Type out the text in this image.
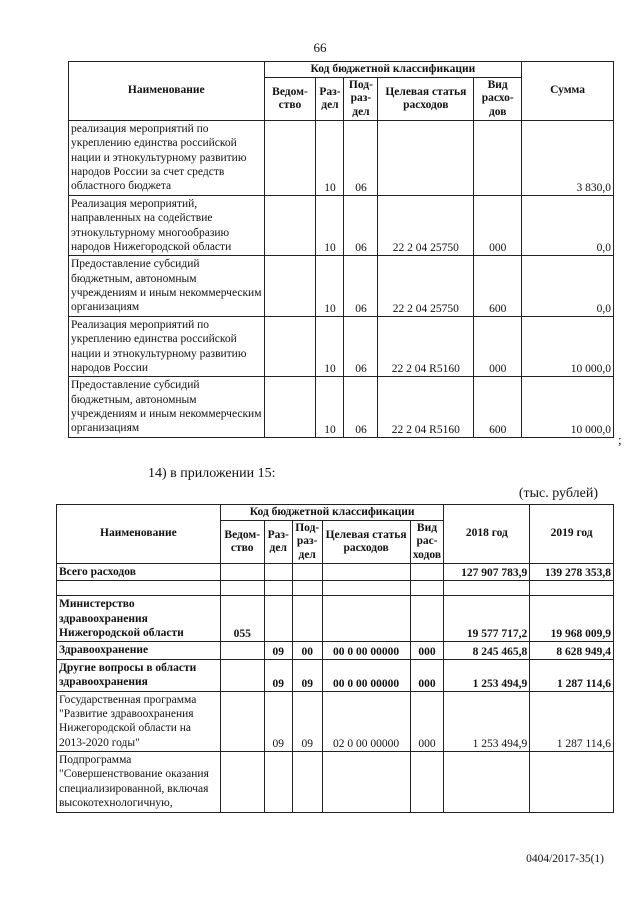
66
Наименование	Код бюджетной классификации					Сумма
	Ведом-ство	Раз-дел	Под-раз-дел	Целевая статья расходов	Вид расхо-дов	
реализация мероприятий по укреплению единства российской нации и этнокультурному развитию народов России за счет средств областного бюджета		10	06			3 830,0
Реализация мероприятий, направленных на содействие этнокультурному многообразию народов Нижегородской области		10	06	22 2 04 25750	000	0,0
Предоставление субсидий бюджетным, автономным учреждениям и иным некоммерческим организациям		10	06	22 2 04 25750	600	0,0
Реализация мероприятий по укреплению единства российской нации и этнокультурному развитию народов России		10	06	22 2 04 R5160	000	10 000,0
Предоставление субсидий бюджетным, автономным учреждениям и иным некоммерческим организациям		10	06	22 2 04 R5160	600	10 000,0
;
14) в приложении 15:
(тыс. рублей)
Наименование	Код бюджетной классификации					2018 год	2019 год
	Ведом-ство	Раз-дел	Под-раз-дел	Целевая статья расходов	Вид рас-ходов		
Всего расходов						127 907 783,9	139 278 353,8

Министерство здравоохранения Нижегородской области	055					19 577 717,2	19 968 009,9
Здравоохранение		09	00	00 0 00 00000	000	8 245 465,8	8 628 949,4
Другие вопросы в области здравоохранения		09	09	00 0 00 00000	000	1 253 494,9	1 287 114,6
Государственная программа "Развитие здравоохранения Нижегородской области на 2013-2020 годы"		09	09	02 0 00 00000	000	1 253 494,9	1 287 114,6
Подпрограмма "Совершенствование оказания специализированной, включая высокотехнологичную,							
0404/2017-35(1)
